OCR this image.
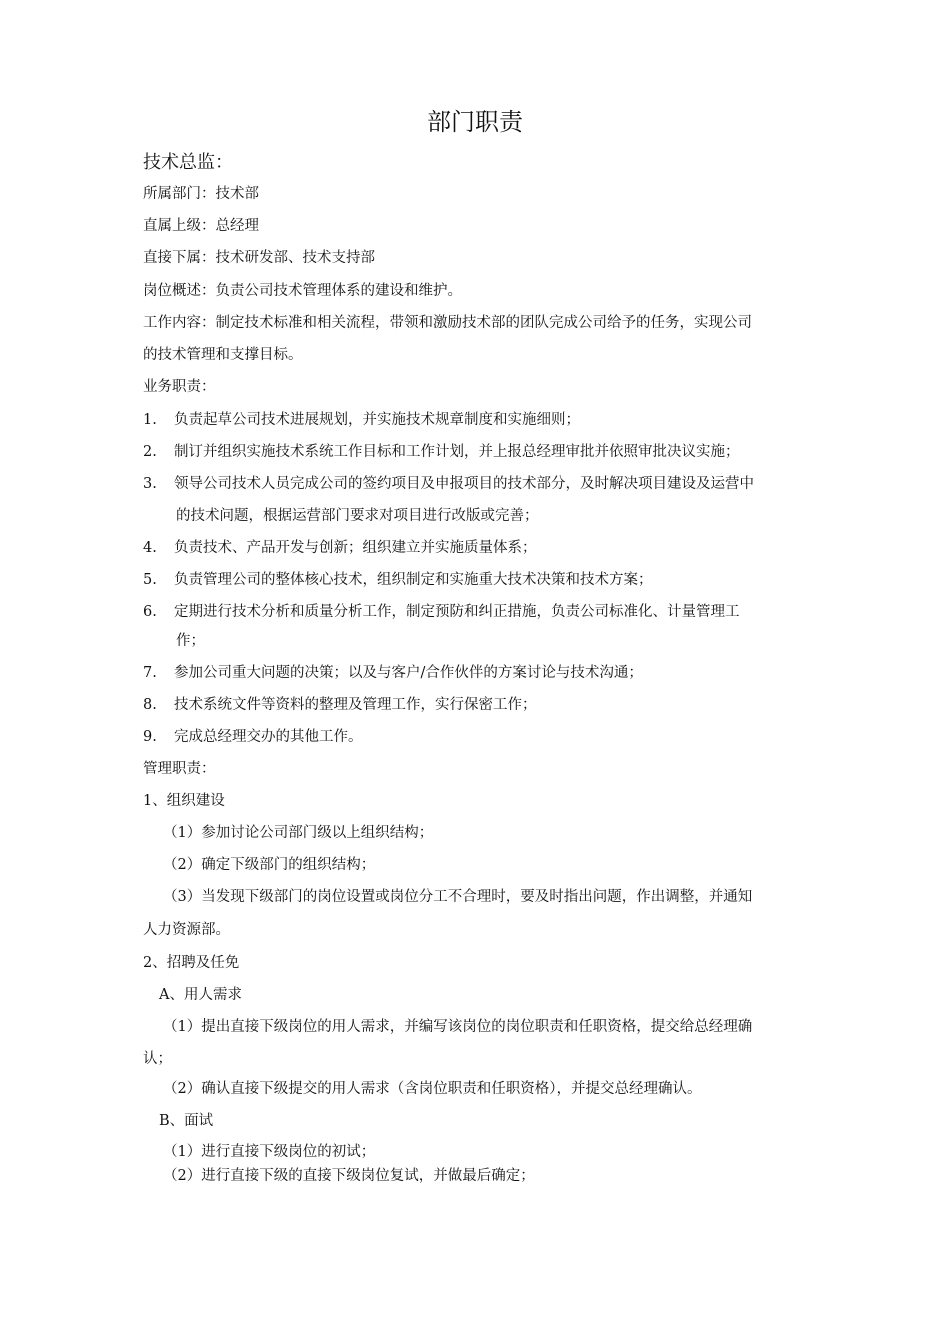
部门职责
技术总监：
所属部门：技术部
直属上级：总经理
直接下属：技术研发部、技术支持部
岗位概述：负责公司技术管理体系的建设和维护。
工作内容：制定技术标准和相关流程，带领和激励技术部的团队完成公司给予的任务，实现公司
的技术管理和支撑目标。
业务职责：
1. 负责起草公司技术进展规划，并实施技术规章制度和实施细则；
2. 制订并组织实施技术系统工作目标和工作计划，并上报总经理审批并依照审批决议实施；
3. 领导公司技术人员完成公司的签约项目及申报项目的技术部分，及时解决项目建设及运营中
的技术问题，根据运营部门要求对项目进行改版或完善；
4. 负责技术、产品开发与创新；组织建立并实施质量体系；
5. 负责管理公司的整体核心技术，组织制定和实施重大技术决策和技术方案；
6. 定期进行技术分析和质量分析工作，制定预防和纠正措施，负责公司标准化、计量管理工
作；
7. 参加公司重大问题的决策；以及与客户/合作伙伴的方案讨论与技术沟通；
8. 技术系统文件等资料的整理及管理工作，实行保密工作；
9. 完成总经理交办的其他工作。
管理职责：
1、组织建设
（1）参加讨论公司部门级以上组织结构；
（2）确定下级部门的组织结构；
（3）当发现下级部门的岗位设置或岗位分工不合理时，要及时指出问题，作出调整，并通知
人力资源部。
2、招聘及任免
A、用人需求
（1）提出直接下级岗位的用人需求，并编写该岗位的岗位职责和任职资格，提交给总经理确
认；
（2）确认直接下级提交的用人需求（含岗位职责和任职资格），并提交总经理确认。
B、面试
（1）进行直接下级岗位的初试；
（2）进行直接下级的直接下级岗位复试，并做最后确定；
